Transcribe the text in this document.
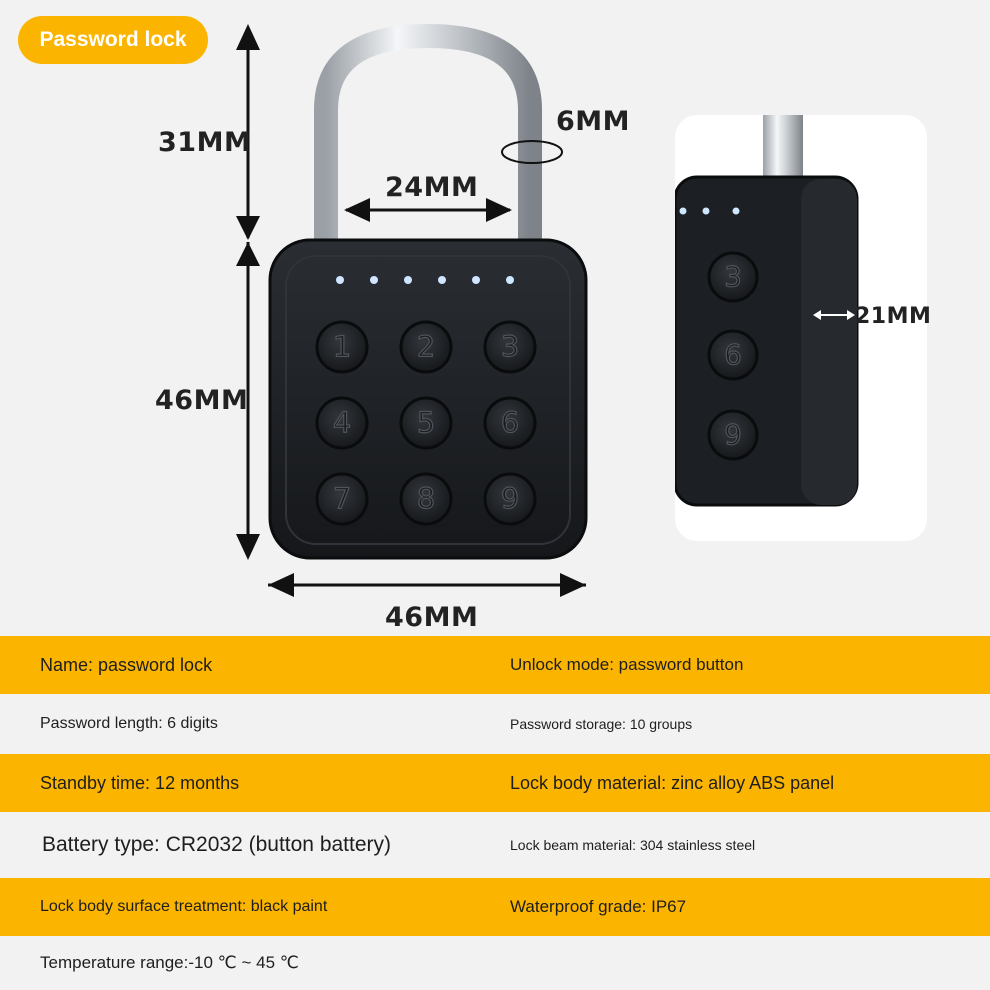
Password lock
1 2 3
4 5 6
7 8 9
31MM
6MM
24MM
46MM
46MM
3
6
9
21MM
Name: password lock	Unlock mode: password button
Password length: 6 digits	Password storage: 10 groups
Standby time: 12 months	Lock body material: zinc alloy ABS panel
Battery type: CR2032 (button battery)	Lock beam material: 304 stainless steel
Lock body surface treatment: black paint	Waterproof grade: IP67
Temperature range:-10 ℃ ~ 45 ℃
